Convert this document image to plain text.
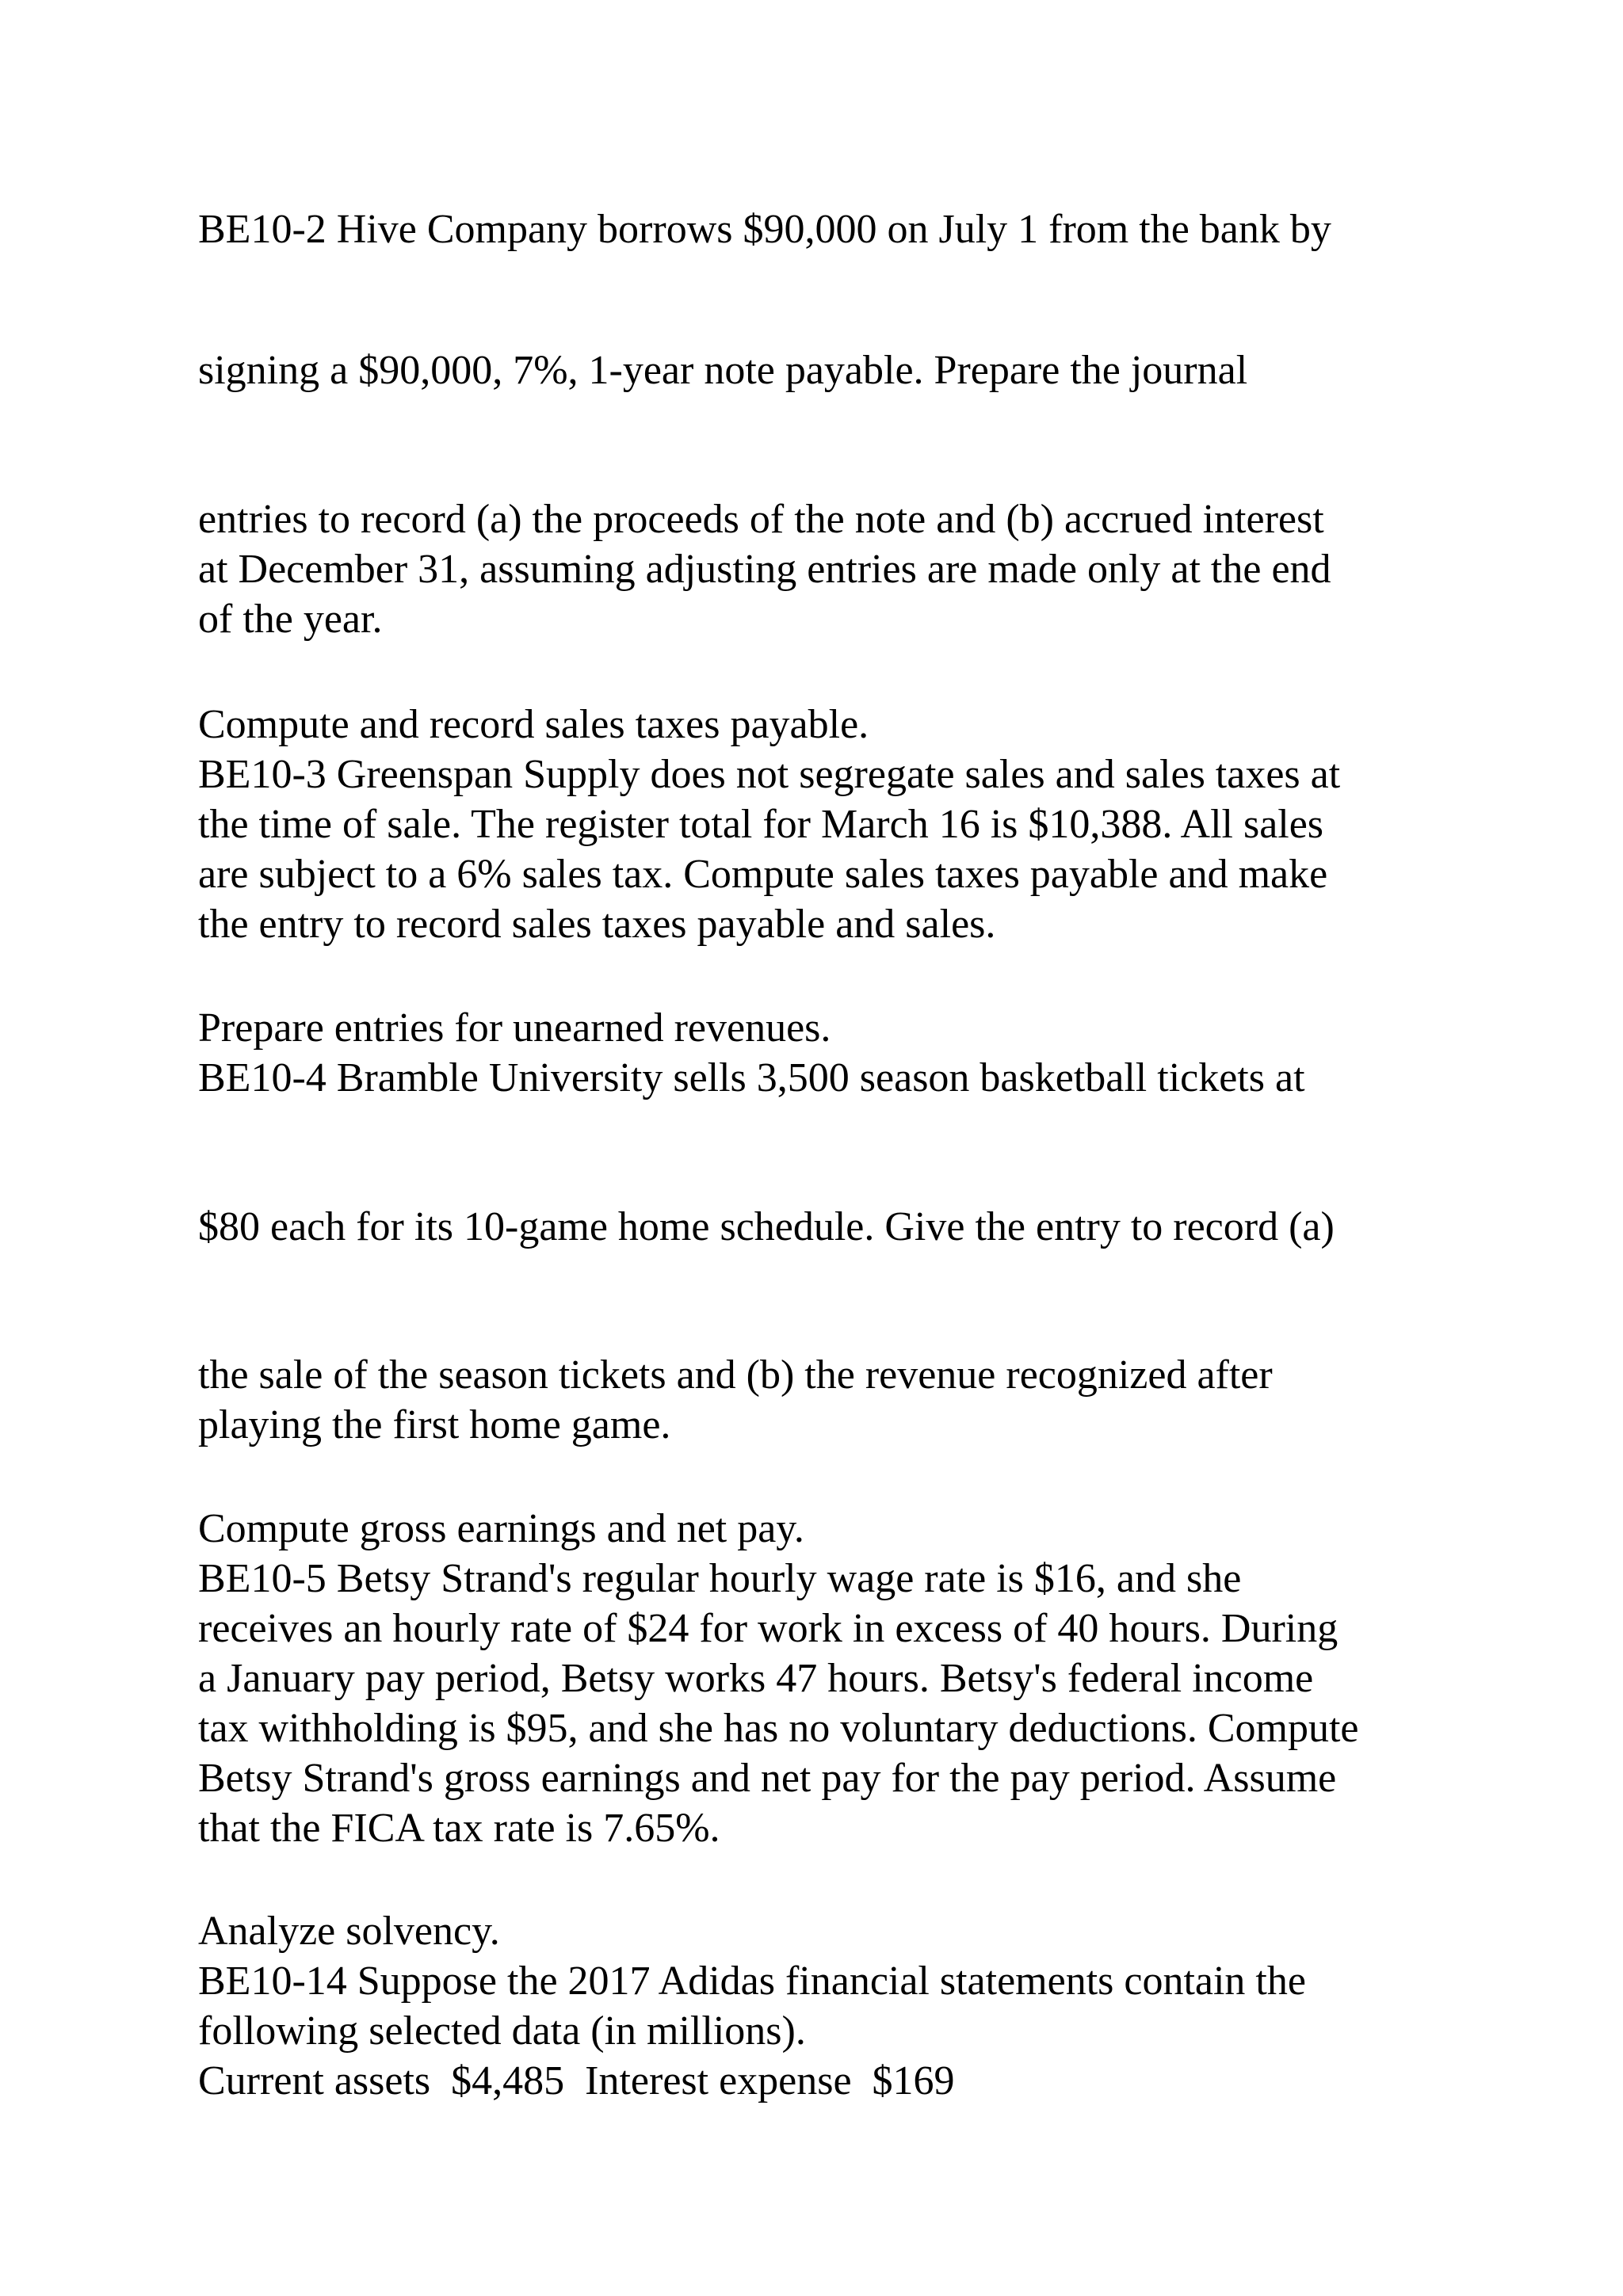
BE10-2 Hive Company borrows $90,000 on July 1 from the bank by
signing a $90,000, 7%, 1-year note payable. Prepare the journal
entries to record (a) the proceeds of the note and (b) accrued interest
at December 31, assuming adjusting entries are made only at the end
of the year.
Compute and record sales taxes payable.
BE10-3 Greenspan Supply does not segregate sales and sales taxes at
the time of sale. The register total for March 16 is $10,388. All sales
are subject to a 6% sales tax. Compute sales taxes payable and make
the entry to record sales taxes payable and sales.
Prepare entries for unearned revenues.
BE10-4 Bramble University sells 3,500 season basketball tickets at
$80 each for its 10-game home schedule. Give the entry to record (a)
the sale of the season tickets and (b) the revenue recognized after
playing the first home game.
Compute gross earnings and net pay.
BE10-5 Betsy Strand's regular hourly wage rate is $16, and she
receives an hourly rate of $24 for work in excess of 40 hours. During
a January pay period, Betsy works 47 hours. Betsy's federal income
tax withholding is $95, and she has no voluntary deductions. Compute
Betsy Strand's gross earnings and net pay for the pay period. Assume
that the FICA tax rate is 7.65%.
Analyze solvency.
BE10-14 Suppose the 2017 Adidas financial statements contain the
following selected data (in millions).
Current assets  $4,485  Interest expense  $169
